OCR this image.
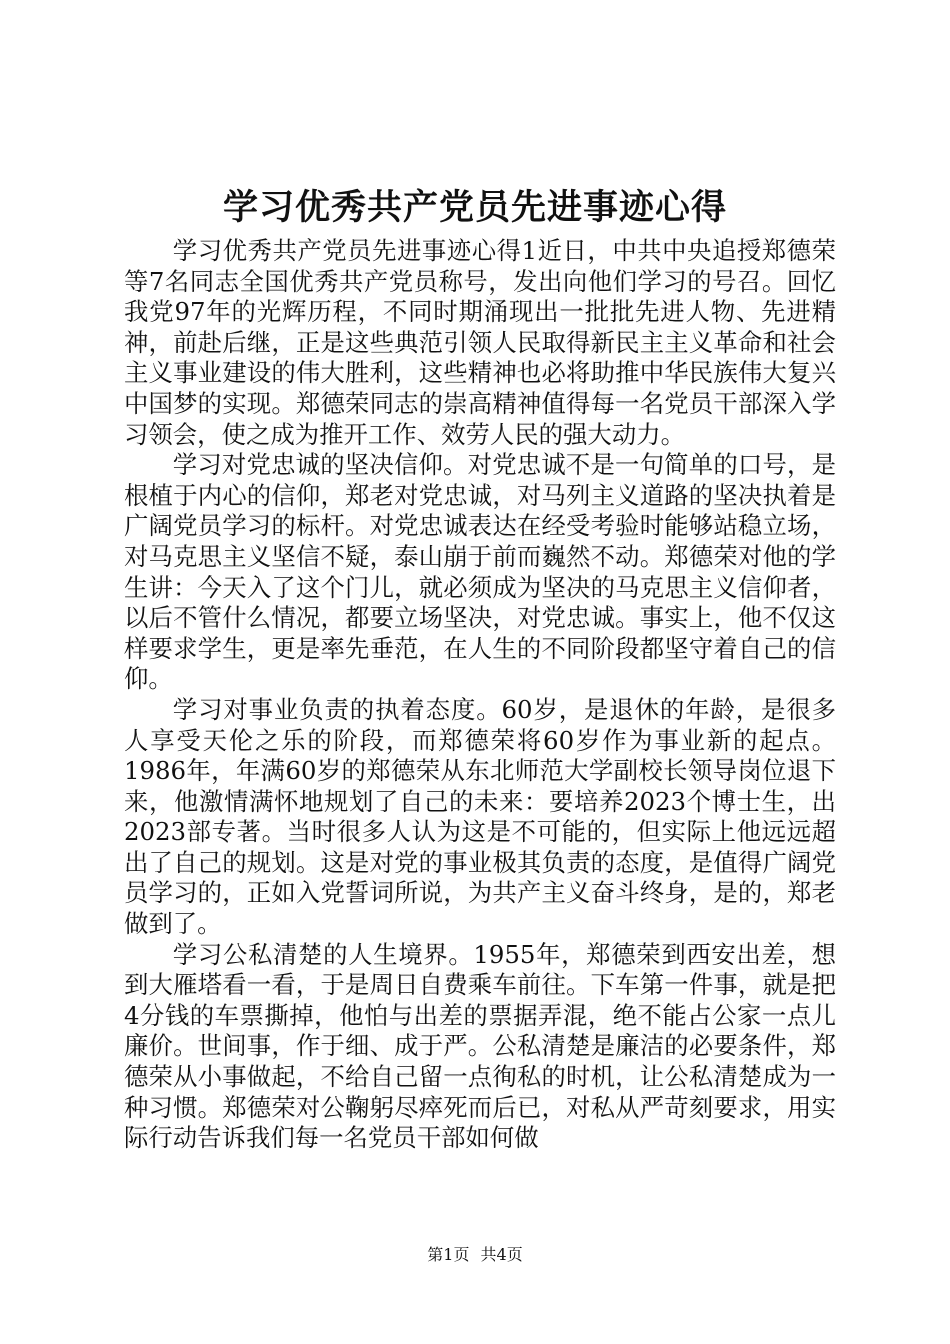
学习优秀共产党员先进事迹心得

学习优秀共产党员先进事迹心得1近日，中共中央追授郑德荣等7名同志全国优秀共产党员称号，发出向他们学习的号召。回忆我党97年的光辉历程，不同时期涌现出一批批先进人物、先进精神，前赴后继，正是这些典范引领人民取得新民主主义革命和社会主义事业建设的伟大胜利，这些精神也必将助推中华民族伟大复兴中国梦的实现。郑德荣同志的崇高精神值得每一名党员干部深入学习领会，使之成为推开工作、效劳人民的强大动力。

学习对党忠诚的坚决信仰。对党忠诚不是一句简单的口号，是根植于内心的信仰，郑老对党忠诚，对马列主义道路的坚决执着是广阔党员学习的标杆。对党忠诚表达在经受考验时能够站稳立场，对马克思主义坚信不疑，泰山崩于前而巍然不动。郑德荣对他的学生讲：今天入了这个门儿，就必须成为坚决的马克思主义信仰者，以后不管什么情况，都要立场坚决，对党忠诚。事实上，他不仅这样要求学生，更是率先垂范，在人生的不同阶段都坚守着自己的信仰。

学习对事业负责的执着态度。60岁，是退休的年龄，是很多人享受天伦之乐的阶段，而郑德荣将60岁作为事业新的起点。1986年，年满60岁的郑德荣从东北师范大学副校长领导岗位退下来，他激情满怀地规划了自己的未来：要培养2023个博士生，出2023部专著。当时很多人认为这是不可能的，但实际上他远远超出了自己的规划。这是对党的事业极其负责的态度，是值得广阔党员学习的，正如入党誓词所说，为共产主义奋斗终身，是的，郑老做到了。

学习公私清楚的人生境界。1955年，郑德荣到西安出差，想到大雁塔看一看，于是周日自费乘车前往。下车第一件事，就是把4分钱的车票撕掉，他怕与出差的票据弄混，绝不能占公家一点儿廉价。世间事，作于细、成于严。公私清楚是廉洁的必要条件，郑德荣从小事做起，不给自己留一点徇私的时机，让公私清楚成为一种习惯。郑德荣对公鞠躬尽瘁死而后已，对私从严苛刻要求，用实际行动告诉我们每一名党员干部如何做

第1页 共4页
